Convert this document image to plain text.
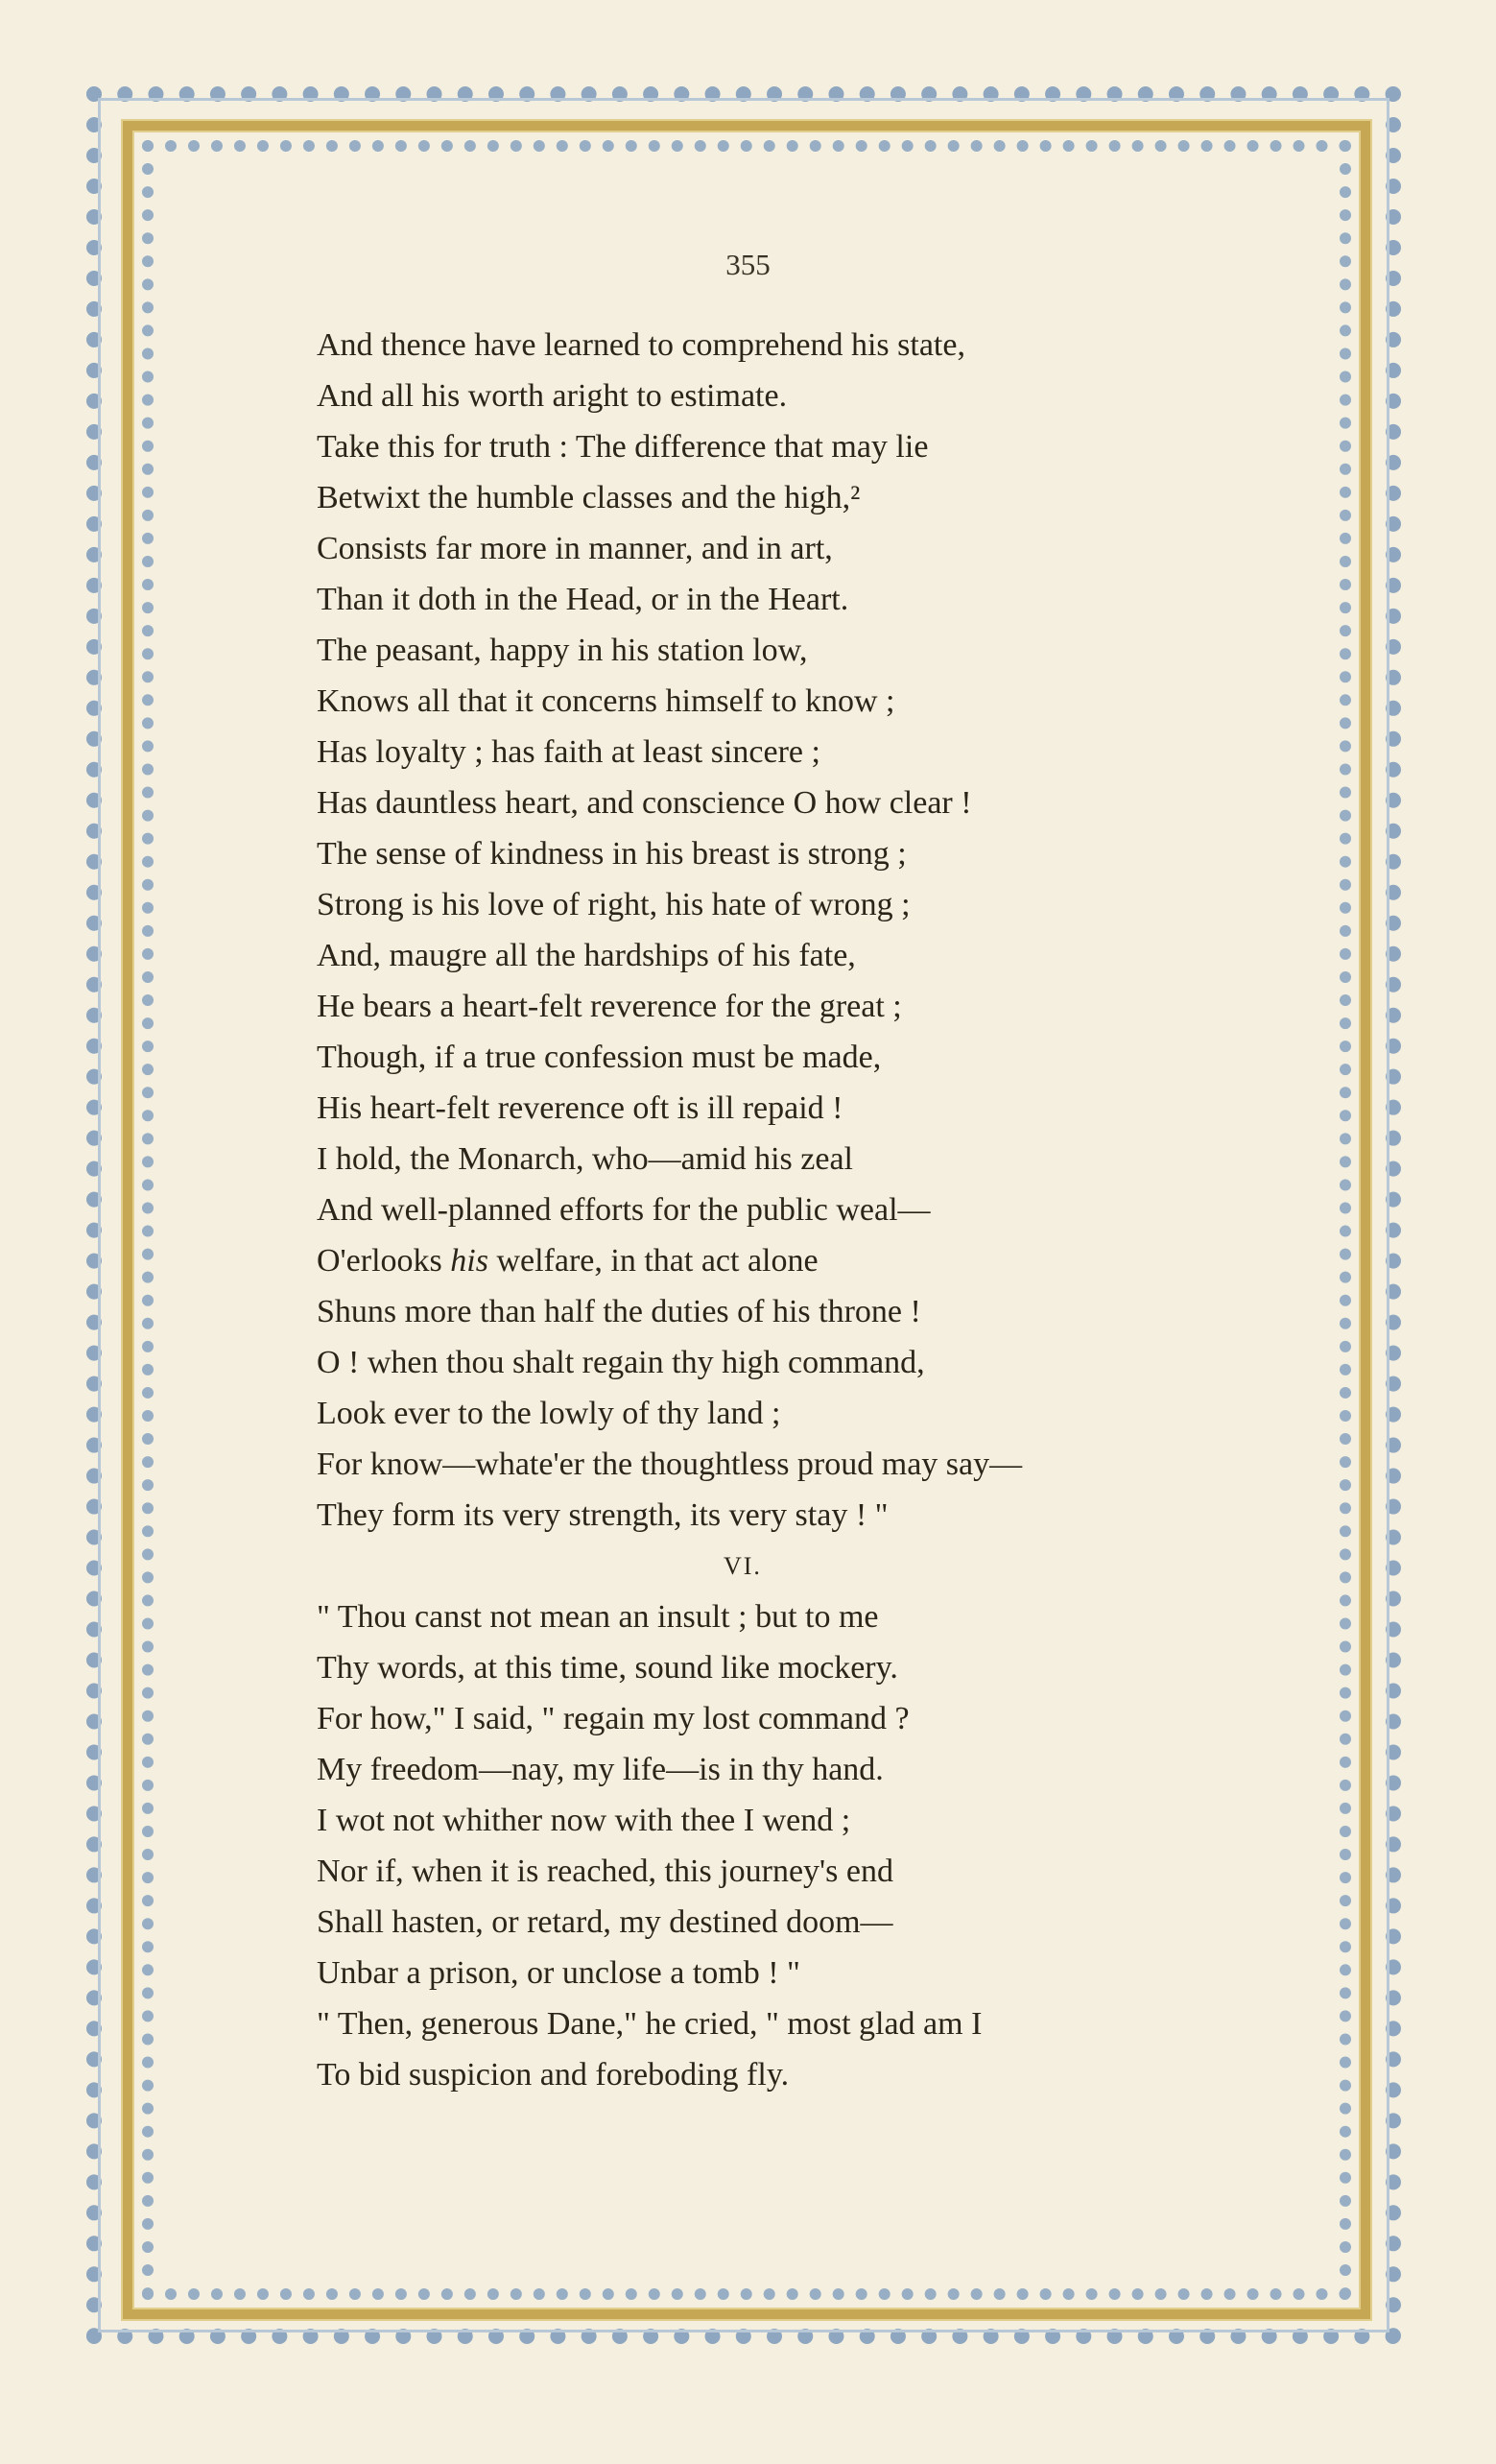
355
And thence have learned to comprehend his state,
And all his worth aright to estimate.
Take this for truth : The difference that may lie
Betwixt the humble classes and the high,²
Consists far more in manner, and in art,
Than it doth in the Head, or in the Heart.
The peasant, happy in his station low,
Knows all that it concerns himself to know ;
Has loyalty ; has faith at least sincere ;
Has dauntless heart, and conscience O how clear !
The sense of kindness in his breast is strong ;
Strong is his love of right, his hate of wrong ;
And, maugre all the hardships of his fate,
He bears a heart-felt reverence for the great ;
Though, if a true confession must be made,
His heart-felt reverence oft is ill repaid !
I hold, the Monarch, who—amid his zeal
And well-planned efforts for the public weal—
O'erlooks his welfare, in that act alone
Shuns more than half the duties of his throne !
O ! when thou shalt regain thy high command,
Look ever to the lowly of thy land ;
For know—whate'er the thoughtless proud may say—
They form its very strength, its very stay ! "
VI.
" Thou canst not mean an insult ; but to me
Thy words, at this time, sound like mockery.
For how," I said, " regain my lost command ?
My freedom—nay, my life—is in thy hand.
I wot not whither now with thee I wend ;
Nor if, when it is reached, this journey's end
Shall hasten, or retard, my destined doom—
Unbar a prison, or unclose a tomb ! "
" Then, generous Dane," he cried, " most glad am I
To bid suspicion and foreboding fly.
